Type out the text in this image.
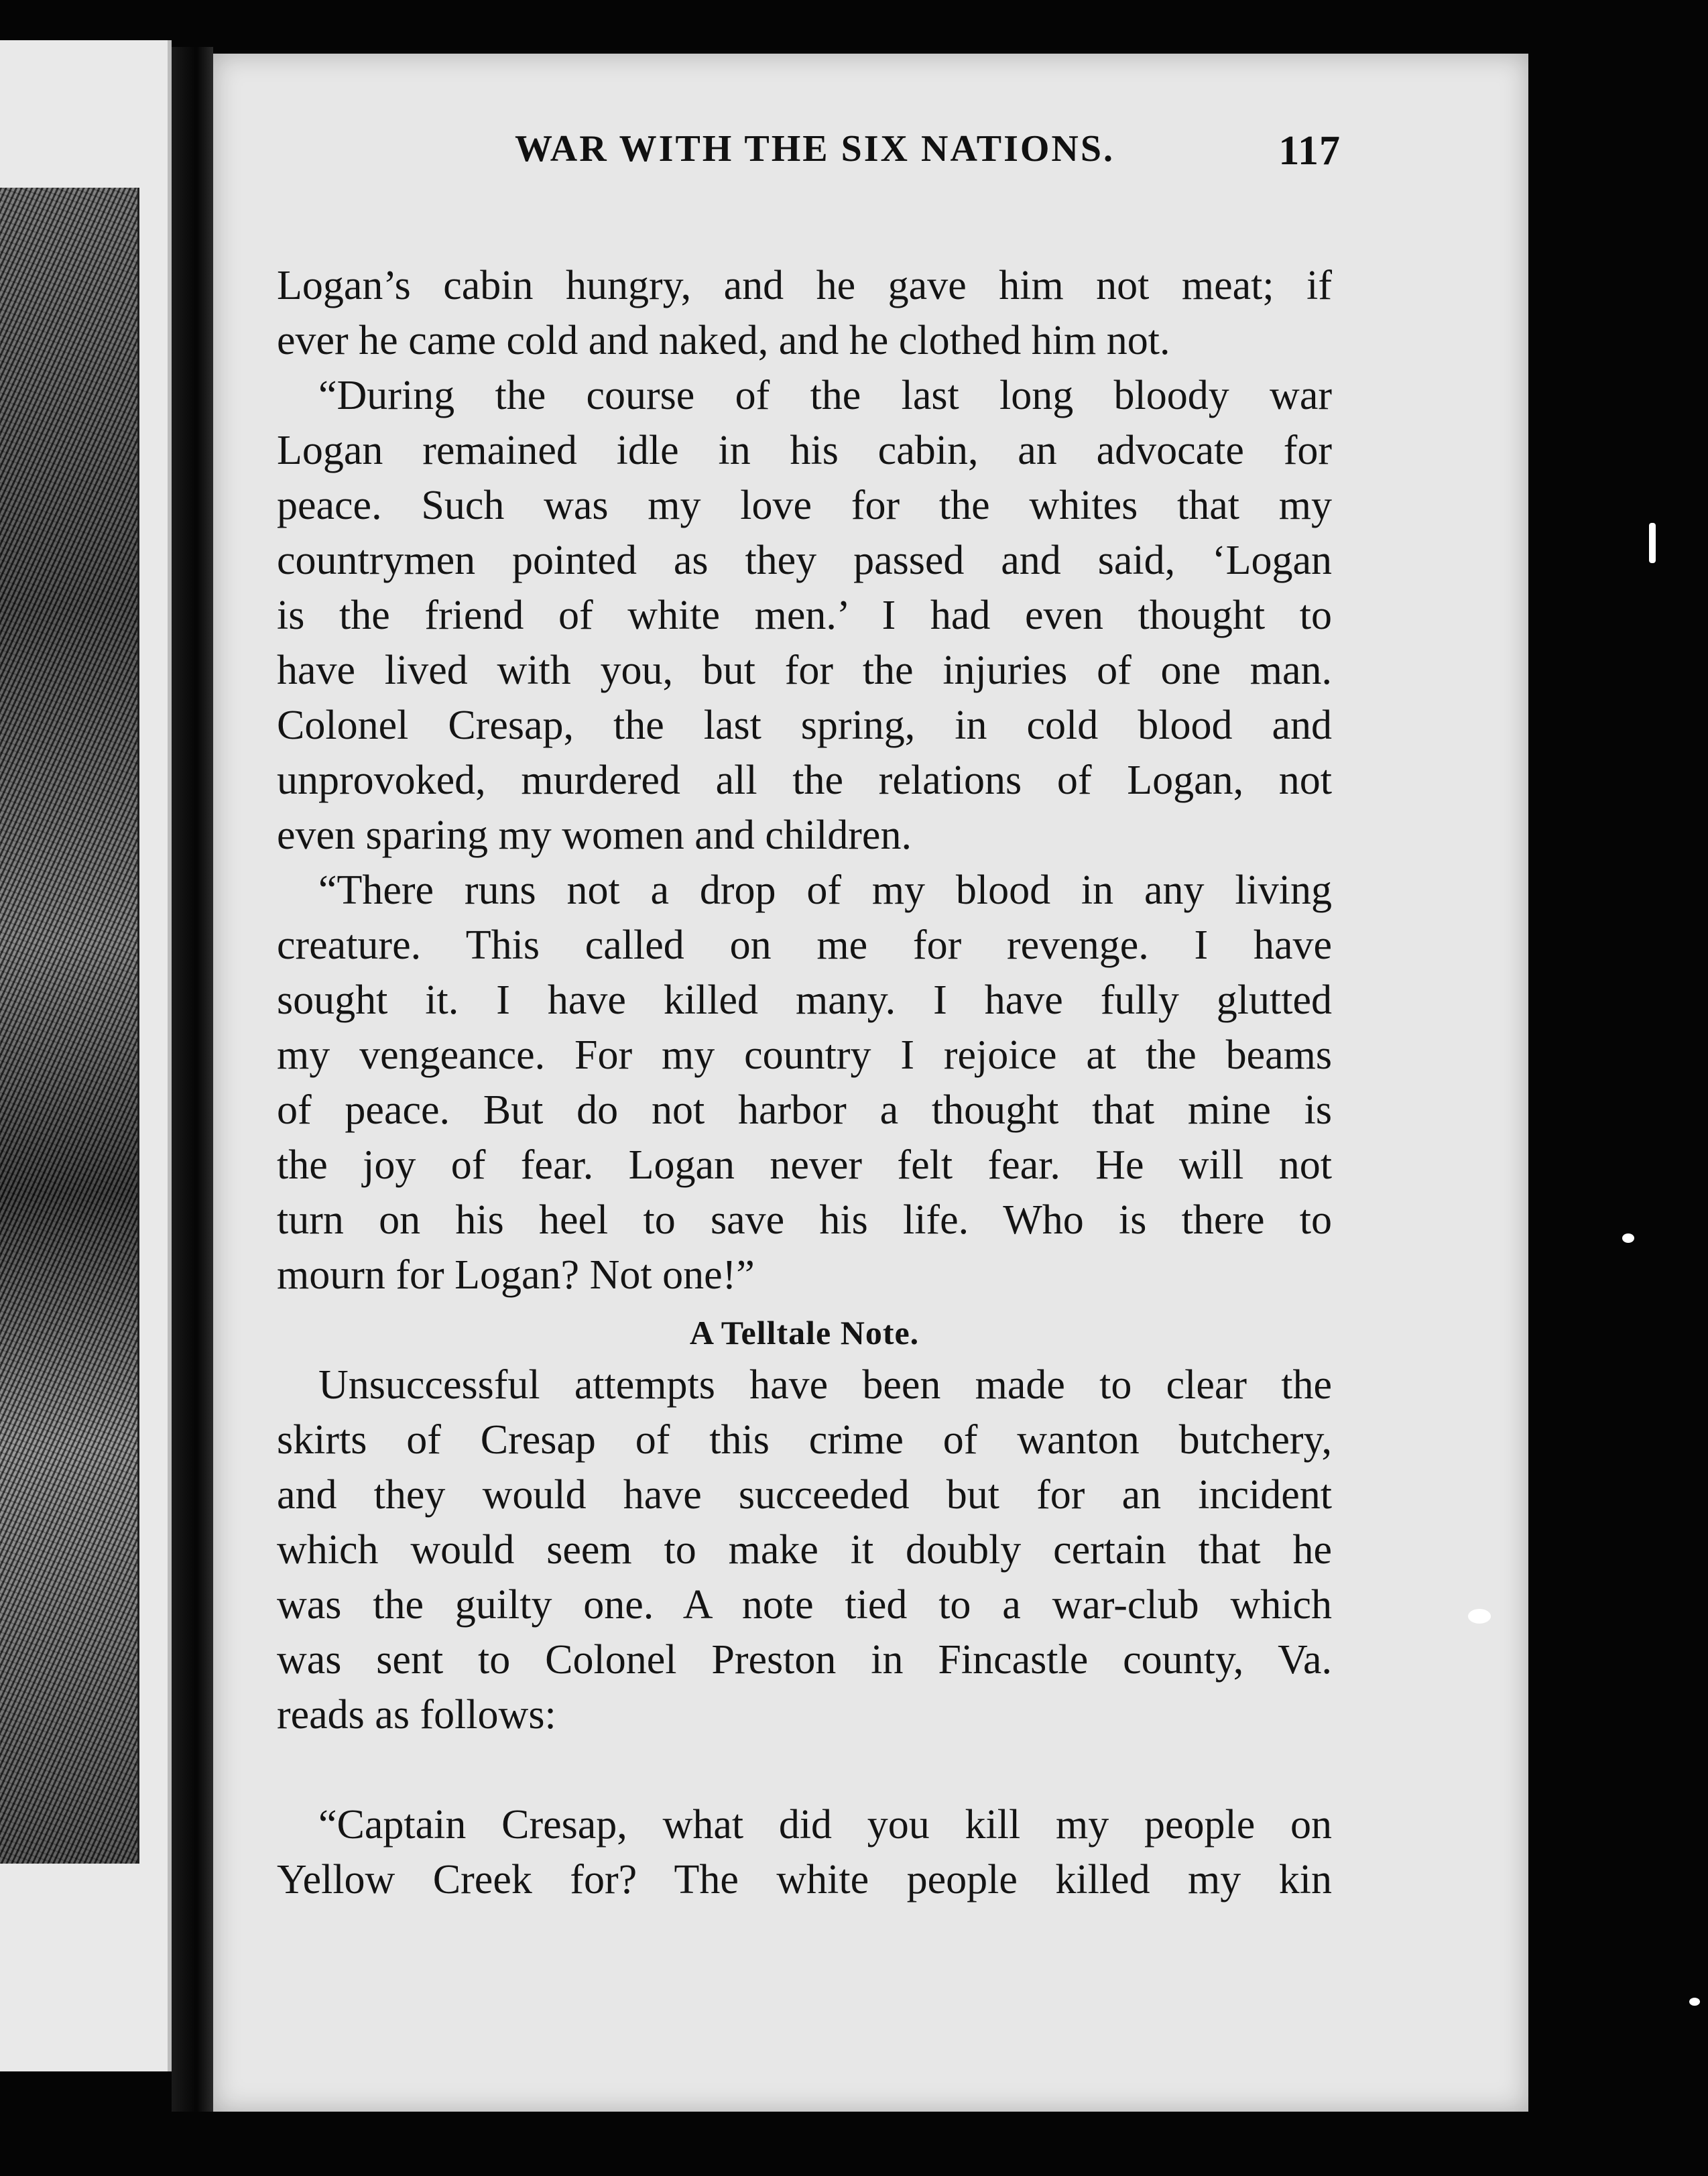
WAR WITH THE SIX NATIONS.	117
Logan’s cabin hungry, and he gave him not meat; if
ever he came cold and naked, and he clothed him not.
“During the course of the last long bloody war
Logan remained idle in his cabin, an advocate for
peace. Such was my love for the whites that my
countrymen pointed as they passed and said, ‘Logan
is the friend of white men.’ I had even thought to
have lived with you, but for the injuries of one man.
Colonel Cresap, the last spring, in cold blood and
unprovoked, murdered all the relations of Logan, not
even sparing my women and children.
“There runs not a drop of my blood in any living
creature. This called on me for revenge. I have
sought it. I have killed many. I have fully glutted
my vengeance. For my country I rejoice at the beams
of peace. But do not harbor a thought that mine is
the joy of fear. Logan never felt fear. He will not
turn on his heel to save his life. Who is there to
mourn for Logan? Not one!”
A Telltale Note.
Unsuccessful attempts have been made to clear the
skirts of Cresap of this crime of wanton butchery,
and they would have succeeded but for an incident
which would seem to make it doubly certain that he
was the guilty one. A note tied to a war-club which
was sent to Colonel Preston in Fincastle county, Va.
reads as follows:
“Captain Cresap, what did you kill my people on
Yellow Creek for? The white people killed my kin
